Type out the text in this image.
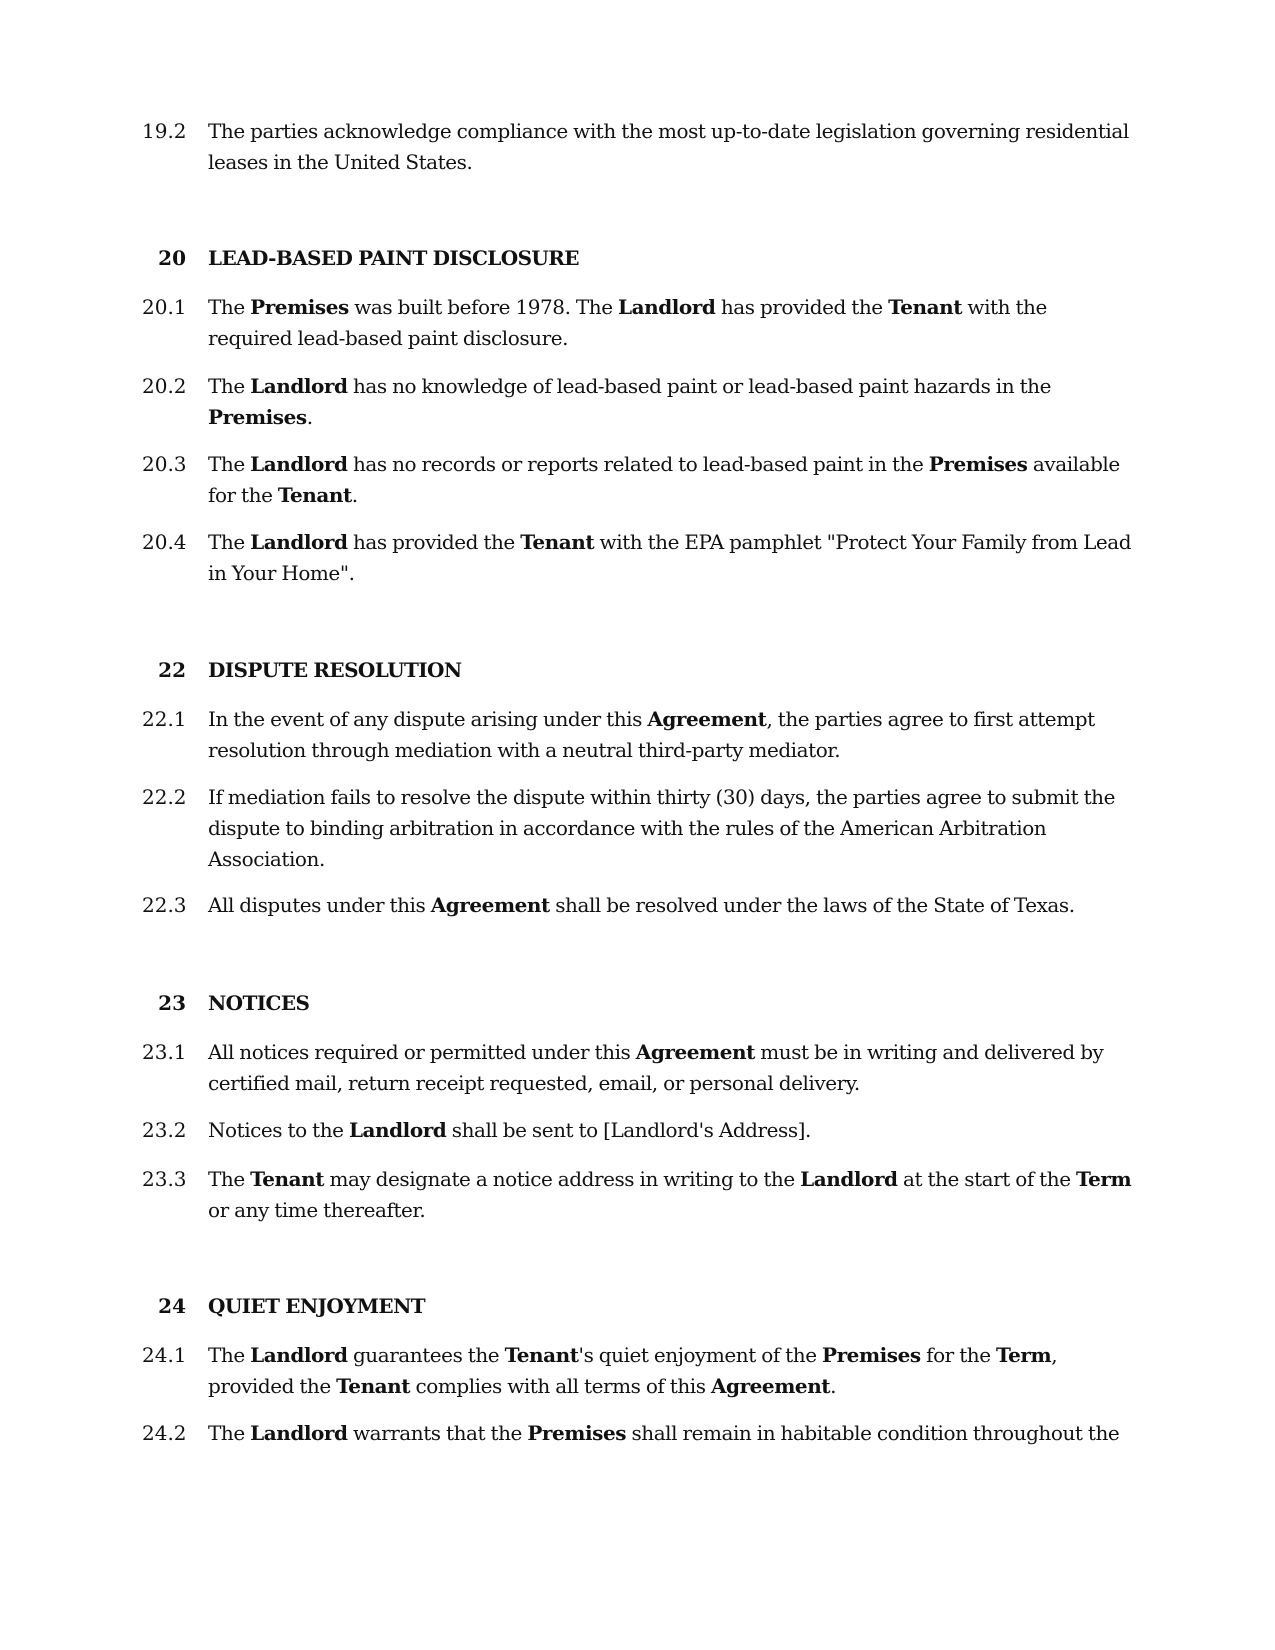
19.2 The parties acknowledge compliance with the most up-to-date legislation governing residential leases in the United States.
20 LEAD-BASED PAINT DISCLOSURE
20.1 The Premises was built before 1978. The Landlord has provided the Tenant with the required lead-based paint disclosure.
20.2 The Landlord has no knowledge of lead-based paint or lead-based paint hazards in the Premises.
20.3 The Landlord has no records or reports related to lead-based paint in the Premises available for the Tenant.
20.4 The Landlord has provided the Tenant with the EPA pamphlet "Protect Your Family from Lead in Your Home".
22 DISPUTE RESOLUTION
22.1 In the event of any dispute arising under this Agreement, the parties agree to first attempt resolution through mediation with a neutral third-party mediator.
22.2 If mediation fails to resolve the dispute within thirty (30) days, the parties agree to submit the dispute to binding arbitration in accordance with the rules of the American Arbitration Association.
22.3 All disputes under this Agreement shall be resolved under the laws of the State of Texas.
23 NOTICES
23.1 All notices required or permitted under this Agreement must be in writing and delivered by certified mail, return receipt requested, email, or personal delivery.
23.2 Notices to the Landlord shall be sent to [Landlord's Address].
23.3 The Tenant may designate a notice address in writing to the Landlord at the start of the Term or any time thereafter.
24 QUIET ENJOYMENT
24.1 The Landlord guarantees the Tenant's quiet enjoyment of the Premises for the Term, provided the Tenant complies with all terms of this Agreement.
24.2 The Landlord warrants that the Premises shall remain in habitable condition throughout the
